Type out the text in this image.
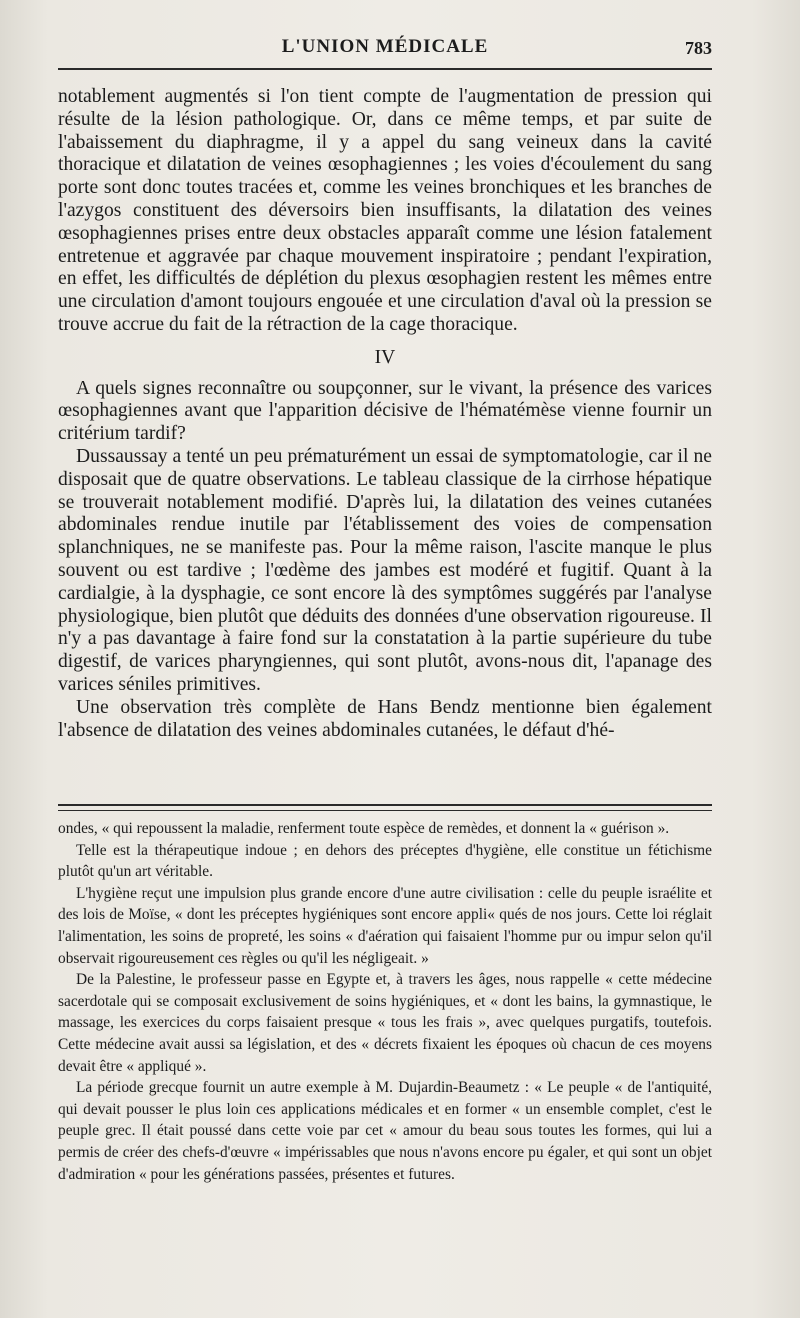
L'UNION MÉDICALE	783

notablement augmentés si l'on tient compte de l'augmentation de pression qui résulte de la lésion pathologique. Or, dans ce même temps, et par suite de l'abaissement du diaphragme, il y a appel du sang veineux dans la cavité thoracique et dilatation de veines œsophagiennes ; les voies d'écoulement du sang porte sont donc toutes tracées et, comme les veines bronchiques et les branches de l'azygos constituent des déversoirs bien insuffisants, la dilatation des veines œsophagiennes prises entre deux obstacles apparaît comme une lésion fatalement entretenue et aggravée par chaque mouvement inspiratoire ; pendant l'expiration, en effet, les difficultés de déplétion du plexus œsophagien restent les mêmes entre une circulation d'amont toujours engouée et une circulation d'aval où la pression se trouve accrue du fait de la rétraction de la cage thoracique.

IV

A quels signes reconnaître ou soupçonner, sur le vivant, la présence des varices œsophagiennes avant que l'apparition décisive de l'hématémèse vienne fournir un critérium tardif?

Dussaussay a tenté un peu prématurément un essai de symptomatologie, car il ne disposait que de quatre observations. Le tableau classique de la cirrhose hépatique se trouverait notablement modifié. D'après lui, la dilatation des veines cutanées abdominales rendue inutile par l'établissement des voies de compensation splanchniques, ne se manifeste pas. Pour la même raison, l'ascite manque le plus souvent ou est tardive ; l'œdème des jambes est modéré et fugitif. Quant à la cardialgie, à la dysphagie, ce sont encore là des symptômes suggérés par l'analyse physiologique, bien plutôt que déduits des données d'une observation rigoureuse. Il n'y a pas davantage à faire fond sur la constatation à la partie supérieure du tube digestif, de varices pharyngiennes, qui sont plutôt, avons-nous dit, l'apanage des varices séniles primitives.

Une observation très complète de Hans Bendz mentionne bien également l'absence de dilatation des veines abdominales cutanées, le défaut d'hé-

ondes, « qui repoussent la maladie, renferment toute espèce de remèdes, et donnent la « guérison ».

Telle est la thérapeutique indoue ; en dehors des préceptes d'hygiène, elle constitue un fétichisme plutôt qu'un art véritable.

L'hygiène reçut une impulsion plus grande encore d'une autre civilisation : celle du peuple israélite et des lois de Moïse, « dont les préceptes hygiéniques sont encore appli« qués de nos jours. Cette loi réglait l'alimentation, les soins de propreté, les soins « d'aération qui faisaient l'homme pur ou impur selon qu'il observait rigoureusement ces règles ou qu'il les négligeait. »

De la Palestine, le professeur passe en Egypte et, à travers les âges, nous rappelle « cette médecine sacerdotale qui se composait exclusivement de soins hygiéniques, et « dont les bains, la gymnastique, le massage, les exercices du corps faisaient presque « tous les frais », avec quelques purgatifs, toutefois. Cette médecine avait aussi sa législation, et des « décrets fixaient les époques où chacun de ces moyens devait être « appliqué ».

La période grecque fournit un autre exemple à M. Dujardin-Beaumetz : « Le peuple « de l'antiquité, qui devait pousser le plus loin ces applications médicales et en former « un ensemble complet, c'est le peuple grec. Il était poussé dans cette voie par cet « amour du beau sous toutes les formes, qui lui a permis de créer des chefs-d'œuvre « impérissables que nous n'avons encore pu égaler, et qui sont un objet d'admiration « pour les générations passées, présentes et futures.
